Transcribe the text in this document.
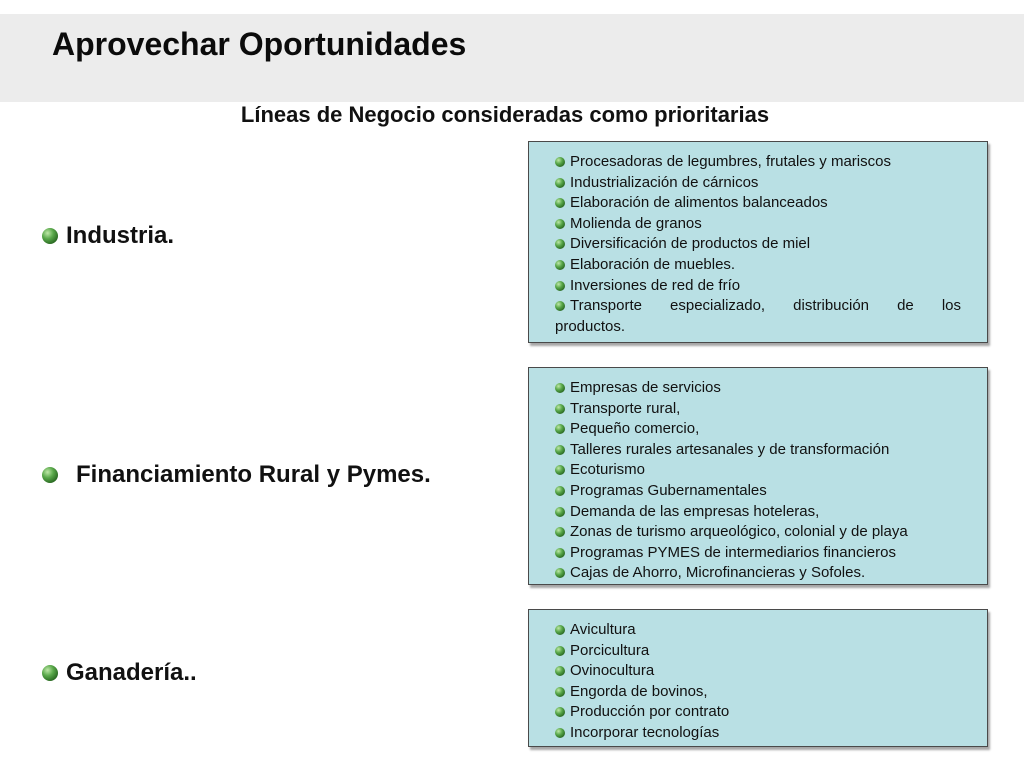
Aprovechar Oportunidades
Líneas de Negocio consideradas como prioritarias
Industria.
Financiamiento Rural y Pymes.
Ganadería..
Procesadoras de legumbres, frutales y mariscos
Industrialización de cárnicos
Elaboración de alimentos balanceados
Molienda de granos
Diversificación de productos de miel
Elaboración de muebles.
Inversiones de red de frío
Transporte especializado, distribución de los
productos.
Empresas de servicios
Transporte rural,
Pequeño comercio,
Talleres rurales artesanales y de transformación
Ecoturismo
Programas Gubernamentales
Demanda de las empresas hoteleras,
Zonas de turismo arqueológico, colonial y de playa
Programas PYMES de intermediarios financieros
Cajas de Ahorro, Microfinancieras y Sofoles.
Avicultura
Porcicultura
Ovinocultura
Engorda de bovinos,
Producción por contrato
Incorporar tecnologías
